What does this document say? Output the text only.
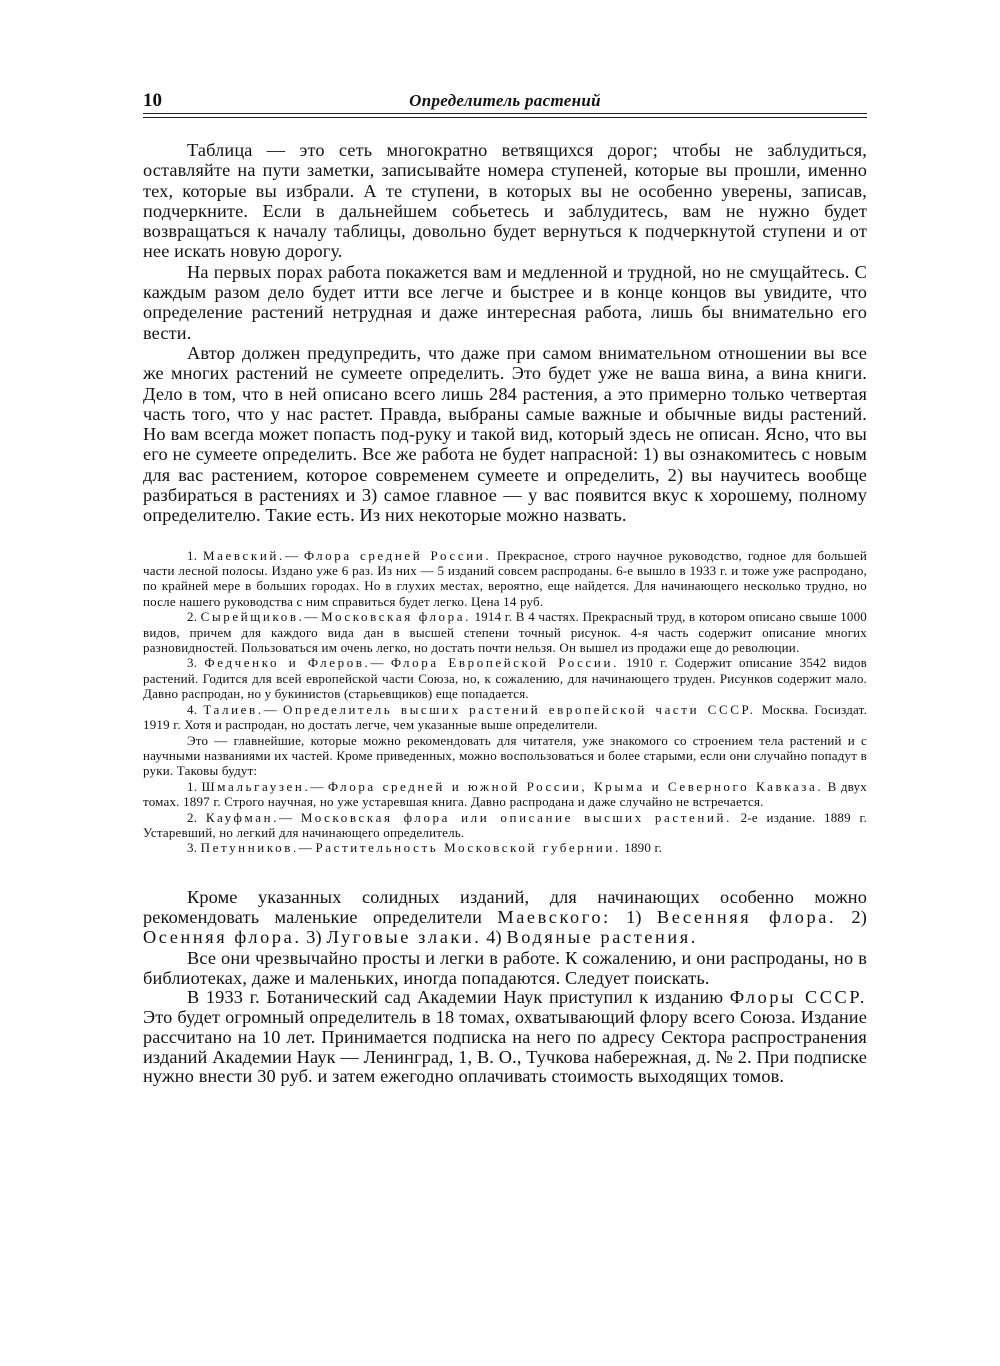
10	Определитель растений

Таблица — это сеть многократно ветвящихся дорог; чтобы не заблудиться, оставляйте на пути заметки, записывайте номера ступеней, которые вы прошли, именно тех, которые вы избрали. А те ступени, в которых вы не особенно уверены, записав, подчеркните. Если в дальнейшем собьетесь и заблудитесь, вам не нужно будет возвращаться к началу таблицы, довольно будет вернуться к подчеркнутой ступени и от нее искать новую дорогу.

На первых порах работа покажется вам и медленной и трудной, но не смущайтесь. С каждым разом дело будет итти все легче и быстрее и в конце концов вы увидите, что определение растений нетрудная и даже интересная работа, лишь бы внимательно его вести.

Автор должен предупредить, что даже при самом внимательном отношении вы все же многих растений не сумеете определить. Это будет уже не ваша вина, а вина книги. Дело в том, что в ней описано всего лишь 284 растения, а это примерно только четвертая часть того, что у нас растет. Правда, выбраны самые важные и обычные виды растений. Но вам всегда может попасть под-руку и такой вид, который здесь не описан. Ясно, что вы его не сумеете определить. Все же работа не будет напрасной: 1) вы ознакомитесь с новым для вас растением, которое современем сумеете и определить, 2) вы научитесь вообще разбираться в растениях и 3) самое главное — у вас появится вкус к хорошему, полному определителю. Такие есть. Из них некоторые можно назвать.

1. Маевский.— Флора средней России. Прекрасное, строго научное руководство, годное для большей части лесной полосы. Издано уже 6 раз. Из них — 5 изданий совсем распроданы. 6-е вышло в 1933 г. и тоже уже распродано, по крайней мере в больших городах. Но в глухих местах, вероятно, еще найдется. Для начинающего несколько трудно, но после нашего руководства с ним справиться будет легко. Цена 14 руб.

2. Сырейщиков.— Московская флора. 1914 г. В 4 частях. Прекрасный труд, в котором описано свыше 1000 видов, причем для каждого вида дан в высшей степени точный рисунок. 4-я часть содержит описание многих разновидностей. Пользоваться им очень легко, но достать почти нельзя. Он вышел из продажи еще до революции.

3. Федченко и Флеров.— Флора Европейской России. 1910 г. Содержит описание 3542 видов растений. Годится для всей европейской части Союза, но, к сожалению, для начинающего труден. Рисунков содержит мало. Давно распродан, но у букинистов (старьевщиков) еще попадается.

4. Талиев.— Определитель высших растений европейской части СССР. Москва. Госиздат. 1919 г. Хотя и распродан, но достать легче, чем указанные выше определители.

Это — главнейшие, которые можно рекомендовать для читателя, уже знакомого со строением тела растений и с научными названиями их частей. Кроме приведенных, можно воспользоваться и более старыми, если они случайно попадут в руки. Таковы будут:

1. Шмальгаузен.— Флора средней и южной России, Крыма и Северного Кавказа. В двух томах. 1897 г. Строго научная, но уже устаревшая книга. Давно распродана и даже случайно не встречается.

2. Кауфман.— Московская флора или описание высших растений. 2-е издание. 1889 г. Устаревший, но легкий для начинающего определитель.

3. Петунников.— Растительность Московской губернии. 1890 г.

Кроме указанных солидных изданий, для начинающих особенно можно рекомендовать маленькие определители Маевского: 1) Весенняя флора. 2) Осенняя флора. 3) Луговые злаки. 4) Водяные растения.

Все они чрезвычайно просты и легки в работе. К сожалению, и они распроданы, но в библиотеках, даже и маленьких, иногда попадаются. Следует поискать.

В 1933 г. Ботанический сад Академии Наук приступил к изданию Флоры СССР. Это будет огромный определитель в 18 томах, охватывающий флору всего Союза. Издание рассчитано на 10 лет. Принимается подписка на него по адресу Сектора распространения изданий Академии Наук — Ленинград, 1, В. О., Тучкова набережная, д. № 2. При подписке нужно внести 30 руб. и затем ежегодно оплачивать стоимость выходящих томов.
